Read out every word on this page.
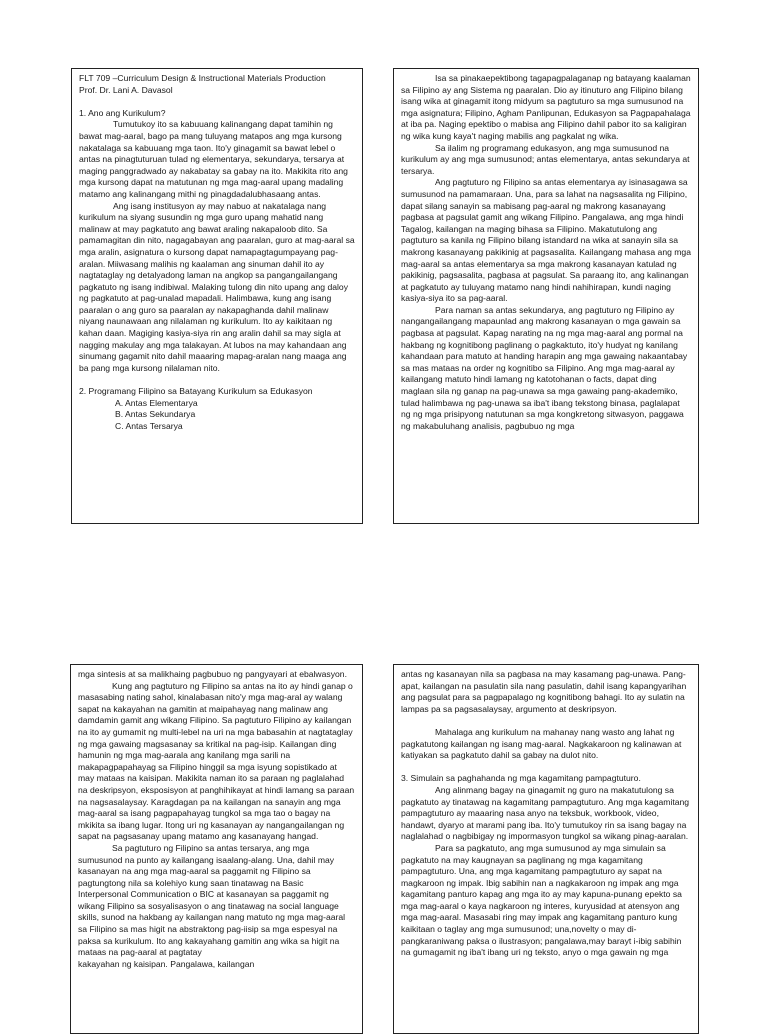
FLT 709 –Curriculum Design & Instructional Materials Production

Prof. Dr. Lani A. Davasol

1. Ano ang Kurikulum?

Tumutukoy ito sa kabuuang kalinangang dapat tamihin ng bawat mag-aaral, bago pa mang tuluyang matapos ang mga kursong nakatalaga sa kabuuang mga taon. Ito'y ginagamit sa bawat lebel o antas na pinagtuturuan tulad ng elementarya, sekundarya, tersarya at maging panggradwado ay nakabatay sa gabay na ito. Makikita rito ang mga kursong dapat na matutunan ng mga mag-aaral upang madaling matamo ang kalinangang mithi ng pinagdadalubhasaang antas.

Ang isang institusyon ay may nabuo at nakatalaga nang kurikulum na siyang susundin ng mga guro upang mahatid nang malinaw at may pagkatuto ang bawat araling nakapaloob dito. Sa pamamagitan din nito, nagagabayan ang paaralan, guro at mag-aaral sa mga aralin, asignatura o kursong dapat namapagtagumpayang pag-aralan. Miiwasang malihis ng kaalaman ang sinuman dahil ito ay nagtataglay ng detalyadong laman na angkop sa pangangailangang pagkatuto ng isang indibiwal. Malaking tulong din nito upang ang daloy ng pagkatuto at pag-unalad mapadali. Halimbawa, kung ang isang paaralan o ang guro sa paaralan ay nakapaghanda dahil malinaw niyang naunawaan ang nilalaman ng kurikulum. Ito ay kaikitaan ng kahan daan. Magiging kasiya-siya rin ang aralin dahil sa may sigla at nagging makulay ang mga talakayan. At lubos na may kahandaan ang sinumang gagamit nito dahil maaaring mapag-aralan nang maaga ang ba pang mga kursong nilalaman nito.

2. Programang Filipino sa Batayang Kurikulum sa Edukasyon

A. Antas Elementarya

B. Antas Sekundarya

C. Antas Tersarya

Isa sa pinakaepektibong tagapagpalaganap ng batayang kaalaman sa Filipino ay ang Sistema ng paaralan. Dio ay itinuturo ang Filipino bilang isang wika at ginagamit itong midyum sa pagtuturo sa mga sumusunod na mga asignatura; Filipino, Agham Panlipunan, Edukasyon sa Pagpapahalaga at iba pa. Naging epektibo o mabisa ang Filipino dahil pabor ito sa kaligiran ng wika kung kaya't naging mabilis ang pagkalat ng wika.

Sa ilalim ng programang edukasyon, ang mga sumusunod na kurikulum ay ang mga sumusunod; antas elementarya, antas sekundarya at tersarya.

Ang pagtuturo ng Filipino sa antas elementarya ay isinasagawa sa sumusunod na pamamaraan. Una, para sa lahat na nagsasalita ng Filipino, dapat silang sanayin sa mabisang pag-aaral ng makrong kasanayang pagbasa at pagsulat gamit ang wikang Filipino. Pangalawa, ang mga hindi Tagalog, kailangan na maging bihasa sa Filipino. Makatutulong ang pagtuturo sa kanila ng Filipino bilang istandard na wika at sanayin sila sa makrong kasanayang pakikinig at pagsasalita. Kailangang mahasa ang mga mag-aaral sa antas elementarya sa mga makrong kasanayan katulad ng pakikinig, pagsasalita, pagbasa at pagsulat. Sa paraang ito, ang kalinangan at pagkatuto ay tuluyang matamo nang hindi nahihirapan, kundi naging kasiya-siya ito sa pag-aaral.

Para naman sa antas sekundarya, ang pagtuturo ng Filipino ay nangangailangang mapaunlad ang makrong kasanayan o mga gawain sa pagbasa at pagsulat. Kapag narating na ng mga mag-aaral ang pormal na hakbang ng kognitibong paglinang o pagkaktuto, ito'y hudyat ng kanilang kahandaan para matuto at handing harapin ang mga gawaing nakaantabay sa mas mataas na order ng kognitibo sa Filipino. Ang mga mag-aaral ay kailangang matuto hindi lamang ng katotohanan o facts, dapat ding maglaan sila ng ganap na pag-unawa sa mga gawaing pang-akademiko, tulad halimbawa ng pag-unawa sa iba't ibang tekstong binasa, paglalapat ng ng mga prisipyong natutunan sa mga kongkretong sitwasyon, paggawa ng makabuluhang analisis, pagbubuo ng mga

mga sintesis at sa malikhaing pagbubuo ng pangyayari at ebalwasyon.

Kung ang pagtuturo ng Filipino sa antas na ito ay hindi ganap o masasabing nating sahol, kinalabasan nito'y mga mag-aral ay walang sapat na kakayahan na gamitin at maipahayag nang malinaw ang damdamin gamit ang wikang Filipino. Sa pagtuturo Filipino ay kailangan na ito ay gumamit ng multi-lebel na uri na mga babasahin at nagtataglay ng mga gawaing magsasanay sa kritikal na pag-isip. Kailangan ding hamunin ng mga mag-aarala ang kanilang mga sarili na makapagpapahayag sa Filipino hinggil sa mga isyung sopistikado at may mataas na kaisipan. Makikita naman ito sa paraan ng paglalahad na deskripsyon, eksposisyon at panghihikayat at hindi lamang sa paraan na nagsasalaysay. Karagdagan pa na kailangan na sanayin ang mga mag-aaral sa isang pagpapahayag tungkol sa mga tao o bagay na mkikita sa ibang lugar. Itong uri ng kasanayan ay nangangailangan ng sapat na pagsasanay upang matamo ang kasanayang hangad.

Sa pagtuturo ng Filipino sa antas tersarya, ang mga sumusunod na punto ay kailangang isaalang-alang. Una, dahil may kasanayan na ang mga mag-aaral sa paggamit ng Filipino sa pagtungtong nila sa kolehiyo kung saan tinatawag na Basic Interpersonal Communication o BIC at kasanayan sa paggamit ng wikang Filipino sa sosyalisasyon o ang tinatawag na social language skills, sunod na hakbang ay kailangan nang matuto ng mga mag-aaral sa Filipino sa mas higit na abstraktong pag-iisip sa mga espesyal na paksa sa kurikulum. Ito ang kakayahang gamitin ang wika sa higit na mataas na pag-aaral at pagtatay

kakayahan ng kaisipan. Pangalawa, kailangan

antas ng kasanayan nila sa pagbasa na may kasamang pag-unawa. Pang-apat, kailangan na pasulatin sila nang pasulatin, dahil isang kapangyarihan ang pagsulat para sa pagpapalago ng kognitibong bahagi. Ito ay sulatin na lampas pa sa pagsasalaysay, argumento at deskripsyon.

Mahalaga ang kurikulum na mahanay nang wasto ang lahat ng pagkatutong kailangan ng isang mag-aaral. Nagkakaroon ng kalinawan at katiyakan sa pagkatuto dahil sa gabay na dulot nito.

3. Simulain sa paghahanda ng mga kagamitang pampagtuturo.

Ang alinmang bagay na ginagamit ng guro na makatutulong sa pagkatuto ay tinatawag na kagamitang pampagtuturo. Ang mga kagamitang pampagtuturo ay maaaring nasa anyo na teksbuk, workbook, video, handawt, dyaryo at marami pang iba. Ito'y tumutukoy rin sa isang bagay na naglalahad o nagbibigay ng impormasyon tungkol sa wikang pinag-aaralan.

Para sa pagkatuto, ang mga sumusunod ay mga simulain sa pagkatuto na may kaugnayan sa paglinang ng mga kagamitang pampagtuturo. Una, ang mga kagamitang pampagtuturo ay sapat na magkaroon ng impak. Ibig sabihin nan a nagkakaroon ng impak ang mga kagamitang panturo kapag ang mga ito ay may kapuna-punang epekto sa mga mag-aaral o kaya nagkaroon ng interes, kuryusidad at atensyon ang mga mag-aaral. Masasabi ring may impak ang kagamitang panturo kung kaikitaan o taglay ang mga sumusunod; una,novelty o may di-pangkaraniwang paksa o ilustrasyon; pangalawa,may barayt i-ibig sabihin na gumagamit ng iba't ibang uri ng teksto, anyo o mga gawain ng mga
